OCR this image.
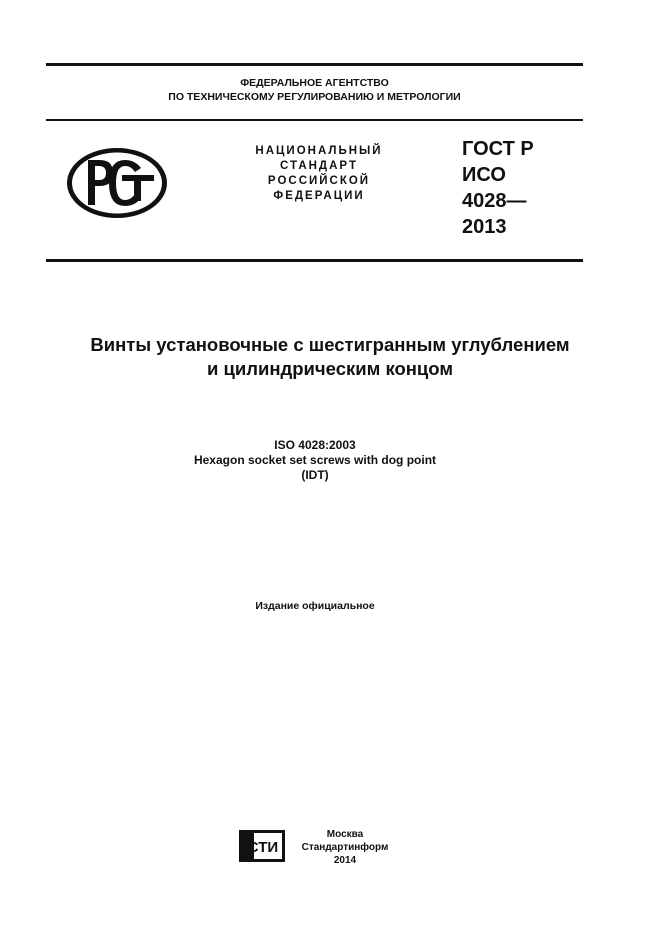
ФЕДЕРАЛЬНОЕ АГЕНТСТВО
ПО ТЕХНИЧЕСКОМУ РЕГУЛИРОВАНИЮ И МЕТРОЛОГИИ
НАЦИОНАЛЬНЫЙ
СТАНДАРТ
РОССИЙСКОЙ
ФЕДЕРАЦИИ
ГОСТ Р
ИСО
4028—
2013
Винты установочные с шестигранным углублением
и цилиндрическим концом
ISO 4028:2003
Hexagon socket set screws with dog point
(IDT)
Издание официальное
СТИ
Москва
Стандартинформ
2014
